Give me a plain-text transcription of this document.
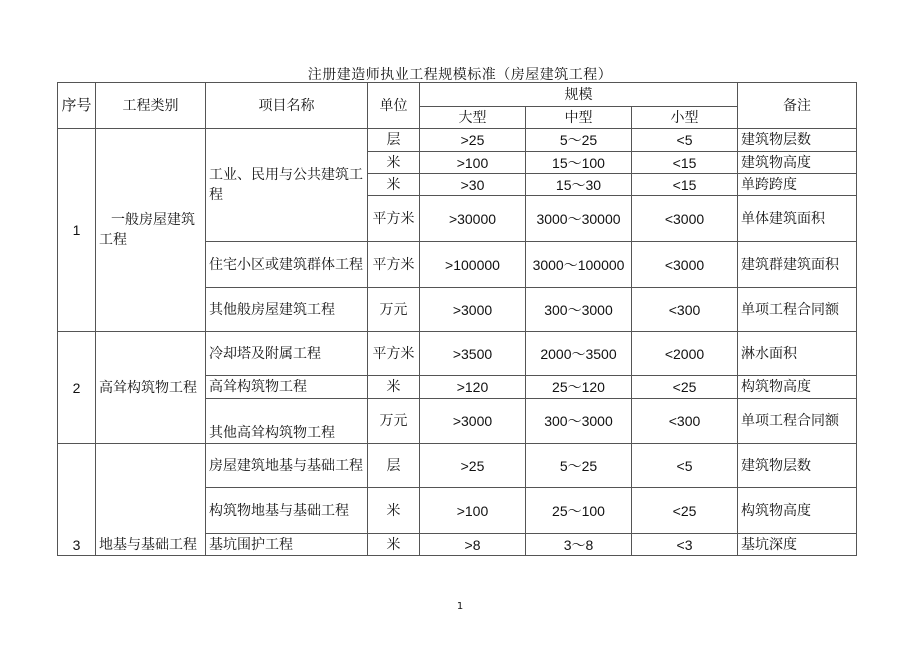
注册建造师执业工程规模标准（房屋建筑工程）
序号	工程类别	项目名称	单位	规模			备注
				大型	中型	小型	
1	一般房屋建筑工程	工业、民用与公共建筑工程	层	>25	5～25	<5	建筑物层数
			米	>100	15～100	<15	建筑物高度
			米	>30	15～30	<15	单跨跨度
			平方米	>30000	3000～30000	<3000	单体建筑面积
		住宅小区或建筑群体工程	平方米	>100000	3000～100000	<3000	建筑群建筑面积
		其他般房屋建筑工程	万元	>3000	300～3000	<300	单项工程合同额
2	高耸构筑物工程	冷却塔及附属工程	平方米	>3500	2000～3500	<2000	淋水面积
		高耸构筑物工程	米	>120	25～120	<25	构筑物高度
		其他高耸构筑物工程	万元	>3000	300～3000	<300	单项工程合同额
3	地基与基础工程	房屋建筑地基与基础工程	层	>25	5～25	<5	建筑物层数
		构筑物地基与基础工程	米	>100	25～100	<25	构筑物高度
		基坑围护工程	米	>8	3～8	<3	基坑深度
1
